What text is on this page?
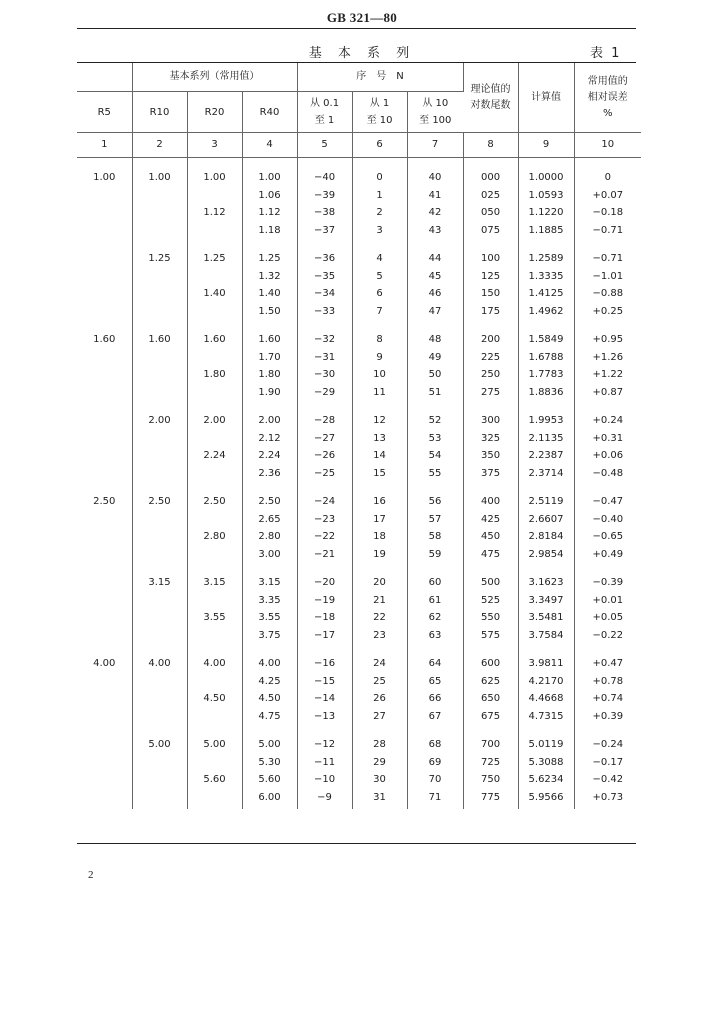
GB 321—80
基 本 系 列	表 1
	基本系列（常用值）			序　号　N			理论值的
对数尾数	计算值	常用值的
相对误差
%
R5	R10	R20	R40	从 0.1
至 1	从 1
至 10	从 10
至 100			
1	2	3	4	5	6	7	8	9	10

1.00	1.00	1.00	1.00	−40	0	40	000	1.0000	0
			1.06	−39	1	41	025	1.0593	+0.07
		1.12	1.12	−38	2	42	050	1.1220	−0.18
			1.18	−37	3	43	075	1.1885	−0.71

	1.25	1.25	1.25	−36	4	44	100	1.2589	−0.71
			1.32	−35	5	45	125	1.3335	−1.01
		1.40	1.40	−34	6	46	150	1.4125	−0.88
			1.50	−33	7	47	175	1.4962	+0.25

1.60	1.60	1.60	1.60	−32	8	48	200	1.5849	+0.95
			1.70	−31	9	49	225	1.6788	+1.26
		1.80	1.80	−30	10	50	250	1.7783	+1.22
			1.90	−29	11	51	275	1.8836	+0.87

	2.00	2.00	2.00	−28	12	52	300	1.9953	+0.24
			2.12	−27	13	53	325	2.1135	+0.31
		2.24	2.24	−26	14	54	350	2.2387	+0.06
			2.36	−25	15	55	375	2.3714	−0.48

2.50	2.50	2.50	2.50	−24	16	56	400	2.5119	−0.47
			2.65	−23	17	57	425	2.6607	−0.40
		2.80	2.80	−22	18	58	450	2.8184	−0.65
			3.00	−21	19	59	475	2.9854	+0.49

	3.15	3.15	3.15	−20	20	60	500	3.1623	−0.39
			3.35	−19	21	61	525	3.3497	+0.01
		3.55	3.55	−18	22	62	550	3.5481	+0.05
			3.75	−17	23	63	575	3.7584	−0.22

4.00	4.00	4.00	4.00	−16	24	64	600	3.9811	+0.47
			4.25	−15	25	65	625	4.2170	+0.78
		4.50	4.50	−14	26	66	650	4.4668	+0.74
			4.75	−13	27	67	675	4.7315	+0.39

	5.00	5.00	5.00	−12	28	68	700	5.0119	−0.24
			5.30	−11	29	69	725	5.3088	−0.17
		5.60	5.60	−10	30	70	750	5.6234	−0.42
			6.00	−9	31	71	775	5.9566	+0.73

2
